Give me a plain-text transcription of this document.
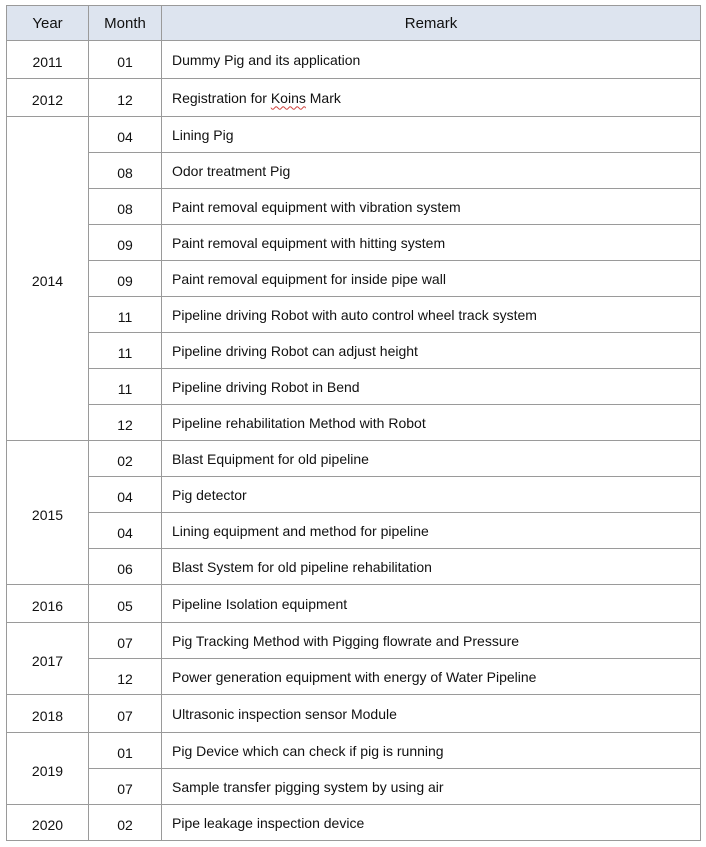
Year	Month	Remark
2011	01	Dummy Pig and its application
2012	12	Registration for Koins Mark
2014	04	Lining Pig
	08	Odor treatment Pig
	08	Paint removal equipment with vibration system
	09	Paint removal equipment with hitting system
	09	Paint removal equipment for inside pipe wall
	11	Pipeline driving Robot with auto control wheel track system
	11	Pipeline driving Robot can adjust height
	11	Pipeline driving Robot in Bend
	12	Pipeline rehabilitation Method with Robot
2015	02	Blast Equipment for old pipeline
	04	Pig detector
	04	Lining equipment and method for pipeline
	06	Blast System for old pipeline rehabilitation
2016	05	Pipeline Isolation equipment
2017	07	Pig Tracking Method with Pigging flowrate and Pressure
	12	Power generation equipment with energy of Water Pipeline
2018	07	Ultrasonic inspection sensor Module
2019	01	Pig Device which can check if pig is running
	07	Sample transfer pigging system by using air
2020	02	Pipe leakage inspection device
